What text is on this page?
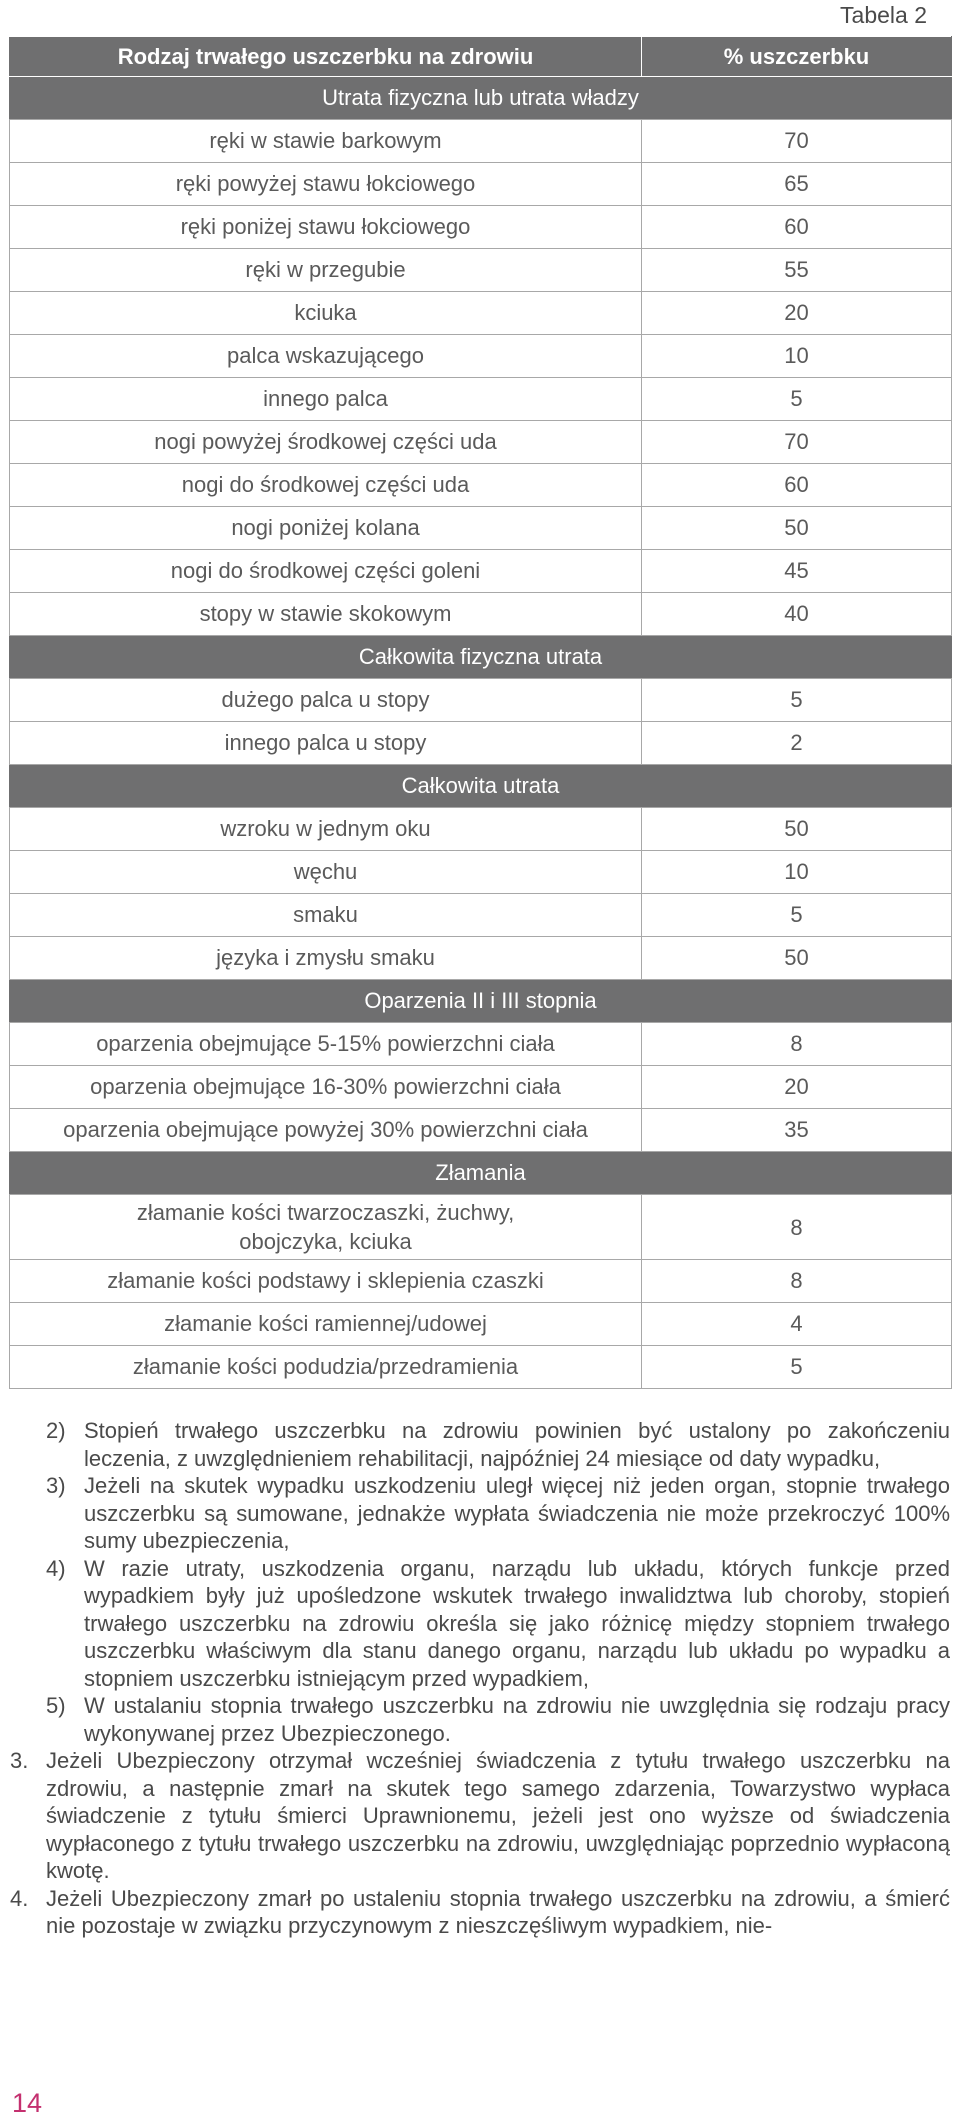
Tabela 2
Rodzaj trwałego uszczerbku na zdrowiu	% uszczerbku
Utrata fizyczna lub utrata władzy	
ręki w stawie barkowym	70
ręki powyżej stawu łokciowego	65
ręki poniżej stawu łokciowego	60
ręki w przegubie	55
kciuka	20
palca wskazującego	10
innego palca	5
nogi powyżej środkowej części uda	70
nogi do środkowej części uda	60
nogi poniżej kolana	50
nogi do środkowej części goleni	45
stopy w stawie skokowym	40
Całkowita fizyczna utrata	
dużego palca u stopy	5
innego palca u stopy	2
Całkowita utrata	
wzroku w jednym oku	50
węchu	10
smaku	5
języka i zmysłu smaku	50
Oparzenia II i III stopnia	
oparzenia obejmujące 5-15% powierzchni ciała	8
oparzenia obejmujące 16-30% powierzchni ciała	20
oparzenia obejmujące powyżej 30% powierzchni ciała	35
Złamania	
złamanie kości twarzoczaszki, żuchwy,
obojczyka, kciuka	8
złamanie kości podstawy i sklepienia czaszki	8
złamanie kości ramiennej/udowej	4
złamanie kości podudzia/przedramienia	5
2) Stopień trwałego uszczerbku na zdrowiu powinien być ustalony po zakończeniu leczenia, z uwzględnieniem rehabilitacji, najpóźniej 24 miesiące od daty wypadku,
3) Jeżeli na skutek wypadku uszkodzeniu uległ więcej niż jeden organ, stopnie trwałego uszczerbku są sumowane, jednakże wypłata świadczenia nie może przekroczyć 100% sumy ubezpieczenia,
4) W razie utraty, uszkodzenia organu, narządu lub układu, których funkcje przed wypadkiem były już upośledzone wskutek trwałego inwalidztwa lub choroby, stopień trwałego uszczerbku na zdrowiu określa się jako różnicę między stopniem trwałego uszczerbku właściwym dla stanu danego organu, narządu lub układu po wypadku a stopniem uszczerbku istniejącym przed wypadkiem,
5) W ustalaniu stopnia trwałego uszczerbku na zdrowiu nie uwzględnia się rodzaju pracy wykonywanej przez Ubezpieczonego.
3. Jeżeli Ubezpieczony otrzymał wcześniej świadczenia z tytułu trwałego uszczerbku na zdrowiu, a następnie zmarł na skutek tego samego zdarzenia, Towarzystwo wypłaca świadczenie z tytułu śmierci Uprawnionemu, jeżeli jest ono wyższe od świadczenia wypłaconego z tytułu trwałego uszczerbku na zdrowiu, uwzględniając poprzednio wypłaconą kwotę.
4. Jeżeli Ubezpieczony zmarł po ustaleniu stopnia trwałego uszczerbku na zdrowiu, a śmierć nie pozostaje w związku przyczynowym z nieszczęśliwym wypadkiem, nie-
14
